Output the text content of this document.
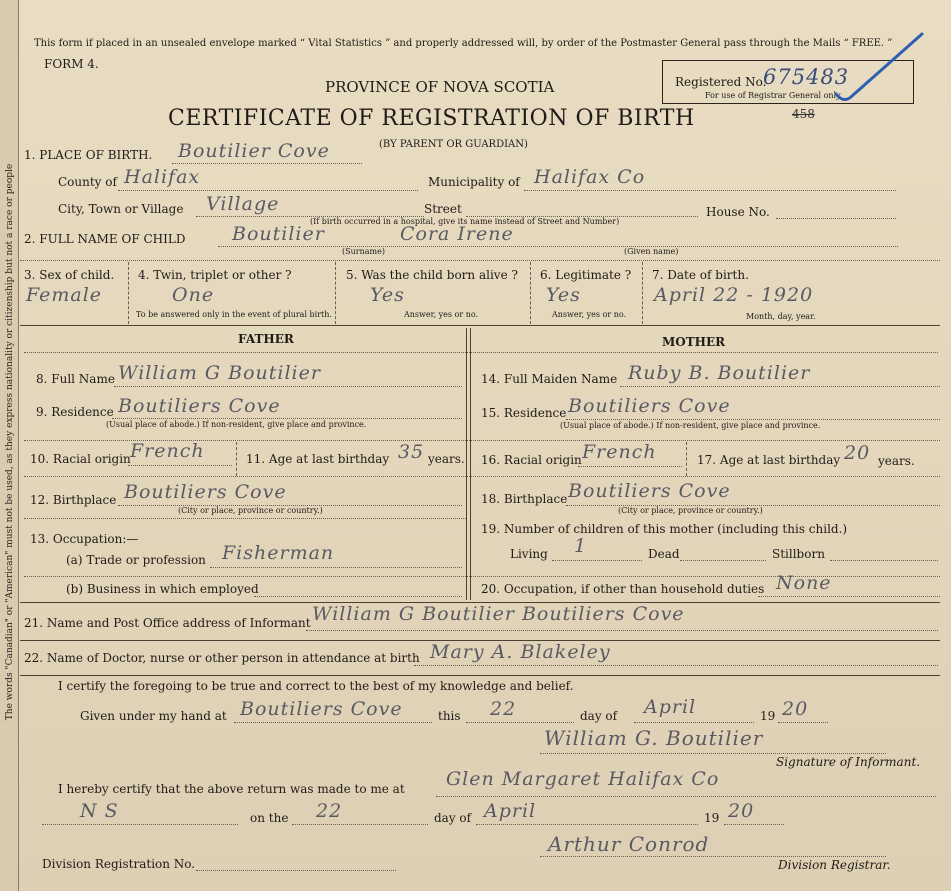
The words "Canadian" or "American" must not be used, as they express nationality or citizenship but not a race or people
This form if placed in an unsealed envelope marked “ Vital Statistics ” and properly addressed will, by order of the Postmaster General pass through the Mails “ FREE. ”
FORM 4.
PROVINCE OF NOVA SCOTIA
CERTIFICATE OF REGISTRATION OF BIRTH
(BY PARENT OR GUARDIAN)
Registered No.
675483
For use of Registrar General only.
458
1. PLACE OF BIRTH. Boutilier Cove
County of Halifax	Municipality of Halifax Co
City, Town or Village Village	Street	House No.
(If birth occurred in a hospital, give its name instead of Street and Number)
2. FULL NAME OF CHILD Boutilier	Cora Irene
(Surname)	(Given name)
3. Sex of child.
Female
4. Twin, triplet or other ?
One
To be answered only in the event of plural birth.
5. Was the child born alive ?
Yes
Answer, yes or no.
6. Legitimate ?
Yes
Answer, yes or no.
7. Date of birth.
April 22 - 1920
Month, day, year.
FATHER	MOTHER
8. Full Name William G Boutilier	14. Full Maiden Name Ruby B. Boutilier
9. Residence Boutiliers Cove
(Usual place of abode.) If non-resident, give place and province.
15. Residence Boutiliers Cove
(Usual place of abode.) If non-resident, give place and province.
10. Racial origin French	11. Age at last birthday 35 years. 16. Racial origin French	17. Age at last birthday 20 years.
12. Birthplace Boutiliers Cove
(City or place, province or country.)
18. Birthplace Boutiliers Cove
(City or place, province or country.)
13. Occupation:—
(a) Trade or profession Fisherman
19. Number of children of this mother (including this child.)
Living 1	Dead	Stillborn
(b) Business in which employed	20. Occupation, if other than household duties None
21. Name and Post Office address of Informant William G Boutilier Boutiliers Cove
22. Name of Doctor, nurse or other person in attendance at birth Mary A. Blakeley
I certify the foregoing to be true and correct to the best of my knowledge and belief.
Given under my hand at Boutiliers Cove	this 22	day of April	19 20
William G. Boutilier
Signature of Informant.
I hereby certify that the above return was made to me at Glen Margaret Halifax Co
N S	on the 22	day of April	19 20
Arthur Conrod
Division Registration No.	Division Registrar.
